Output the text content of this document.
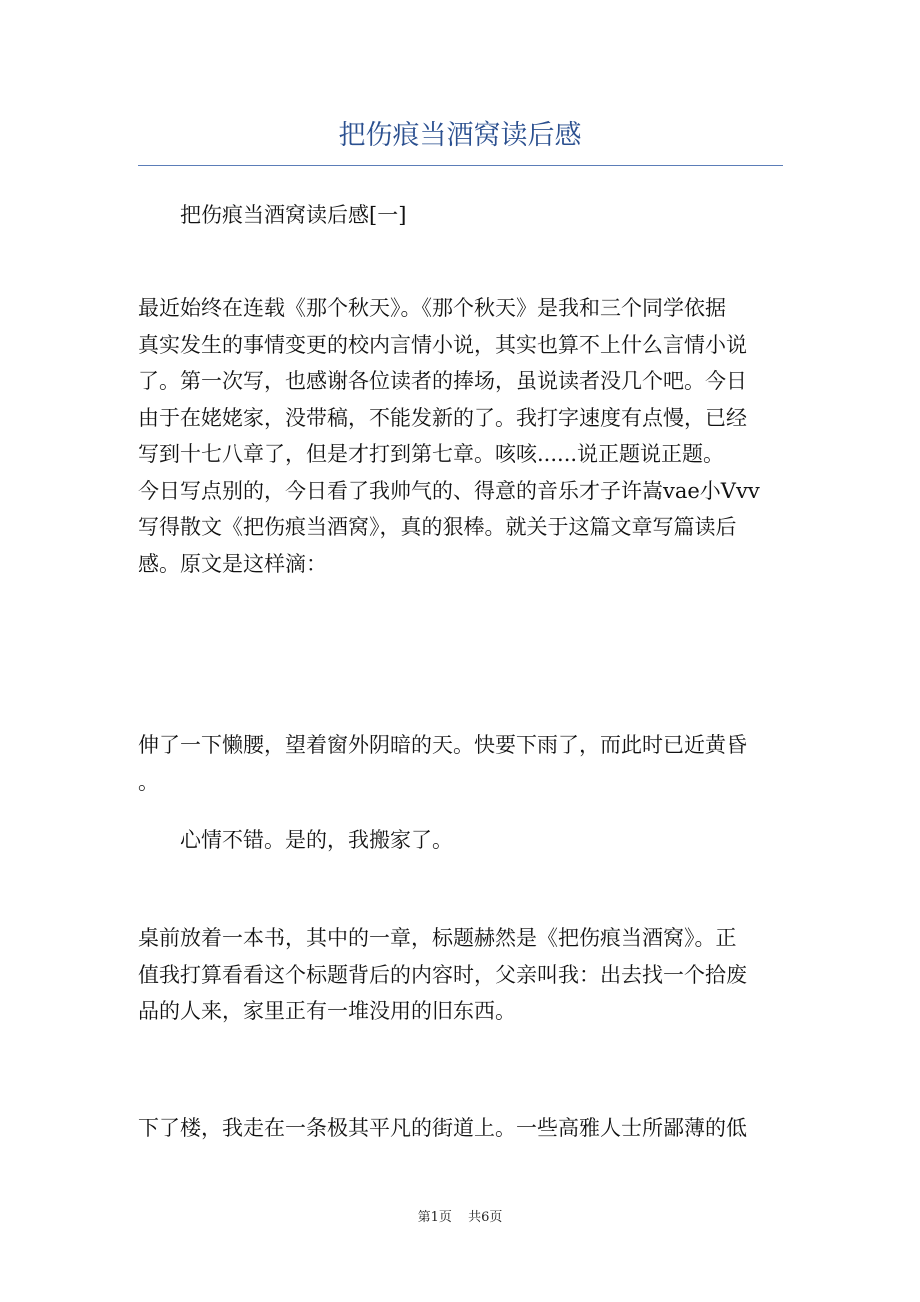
把伤痕当酒窝读后感

把伤痕当酒窝读后感[一]

最近始终在连载《那个秋天》。《那个秋天》是我和三个同学依据
真实发生的事情变更的校内言情小说，其实也算不上什么言情小说
了。第一次写，也感谢各位读者的捧场，虽说读者没几个吧。今日
由于在姥姥家，没带稿，不能发新的了。我打字速度有点慢，已经
写到十七八章了，但是才打到第七章。咳咳......说正题说正题。
今日写点别的，今日看了我帅气的、得意的音乐才子许嵩vae小Vvv
写得散文《把伤痕当酒窝》，真的狠棒。就关于这篇文章写篇读后
感。原文是这样滴：

伸了一下懒腰，望着窗外阴暗的天。快要下雨了，而此时已近黄昏
。

心情不错。是的，我搬家了。

桌前放着一本书，其中的一章，标题赫然是《把伤痕当酒窝》。正
值我打算看看这个标题背后的内容时，父亲叫我：出去找一个拾废
品的人来，家里正有一堆没用的旧东西。

下了楼，我走在一条极其平凡的街道上。一些高雅人士所鄙薄的低

第1页 共6页
